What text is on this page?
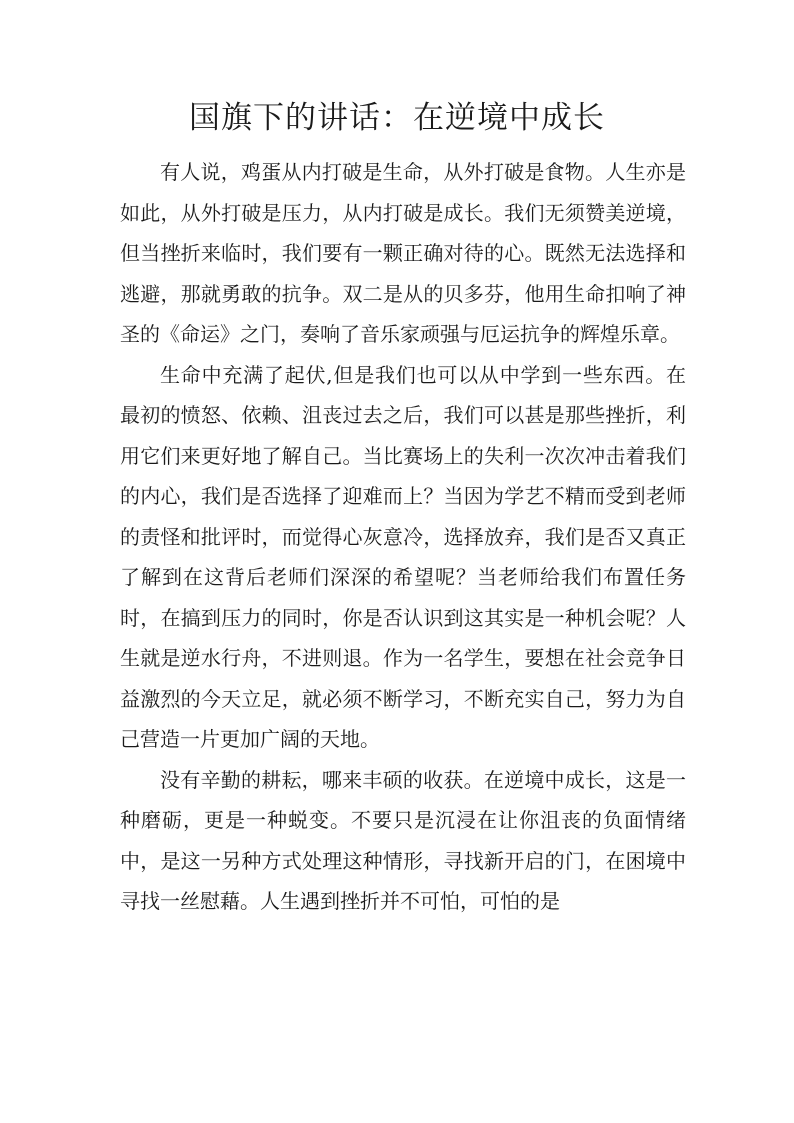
国旗下的讲话：在逆境中成长

有人说，鸡蛋从内打破是生命，从外打破是食物。人生亦是如此，从外打破是压力，从内打破是成长。我们无须赞美逆境，但当挫折来临时，我们要有一颗正确对待的心。既然无法选择和逃避，那就勇敢的抗争。双二是从的贝多芬，他用生命扣响了神圣的《命运》之门，奏响了音乐家顽强与厄运抗争的辉煌乐章。

生命中充满了起伏,但是我们也可以从中学到一些东西。在最初的愤怒、依赖、沮丧过去之后，我们可以甚是那些挫折，利用它们来更好地了解自己。当比赛场上的失利一次次冲击着我们的内心，我们是否选择了迎难而上？当因为学艺不精而受到老师的责怪和批评时，而觉得心灰意冷，选择放弃，我们是否又真正了解到在这背后老师们深深的希望呢？当老师给我们布置任务时，在搞到压力的同时，你是否认识到这其实是一种机会呢？人生就是逆水行舟，不进则退。作为一名学生，要想在社会竞争日益激烈的今天立足，就必须不断学习，不断充实自己，努力为自己营造一片更加广阔的天地。

没有辛勤的耕耘，哪来丰硕的收获。在逆境中成长，这是一种磨砺，更是一种蜕变。不要只是沉浸在让你沮丧的负面情绪中，是这一另种方式处理这种情形，寻找新开启的门，在困境中寻找一丝慰藉。人生遇到挫折并不可怕，可怕的是
